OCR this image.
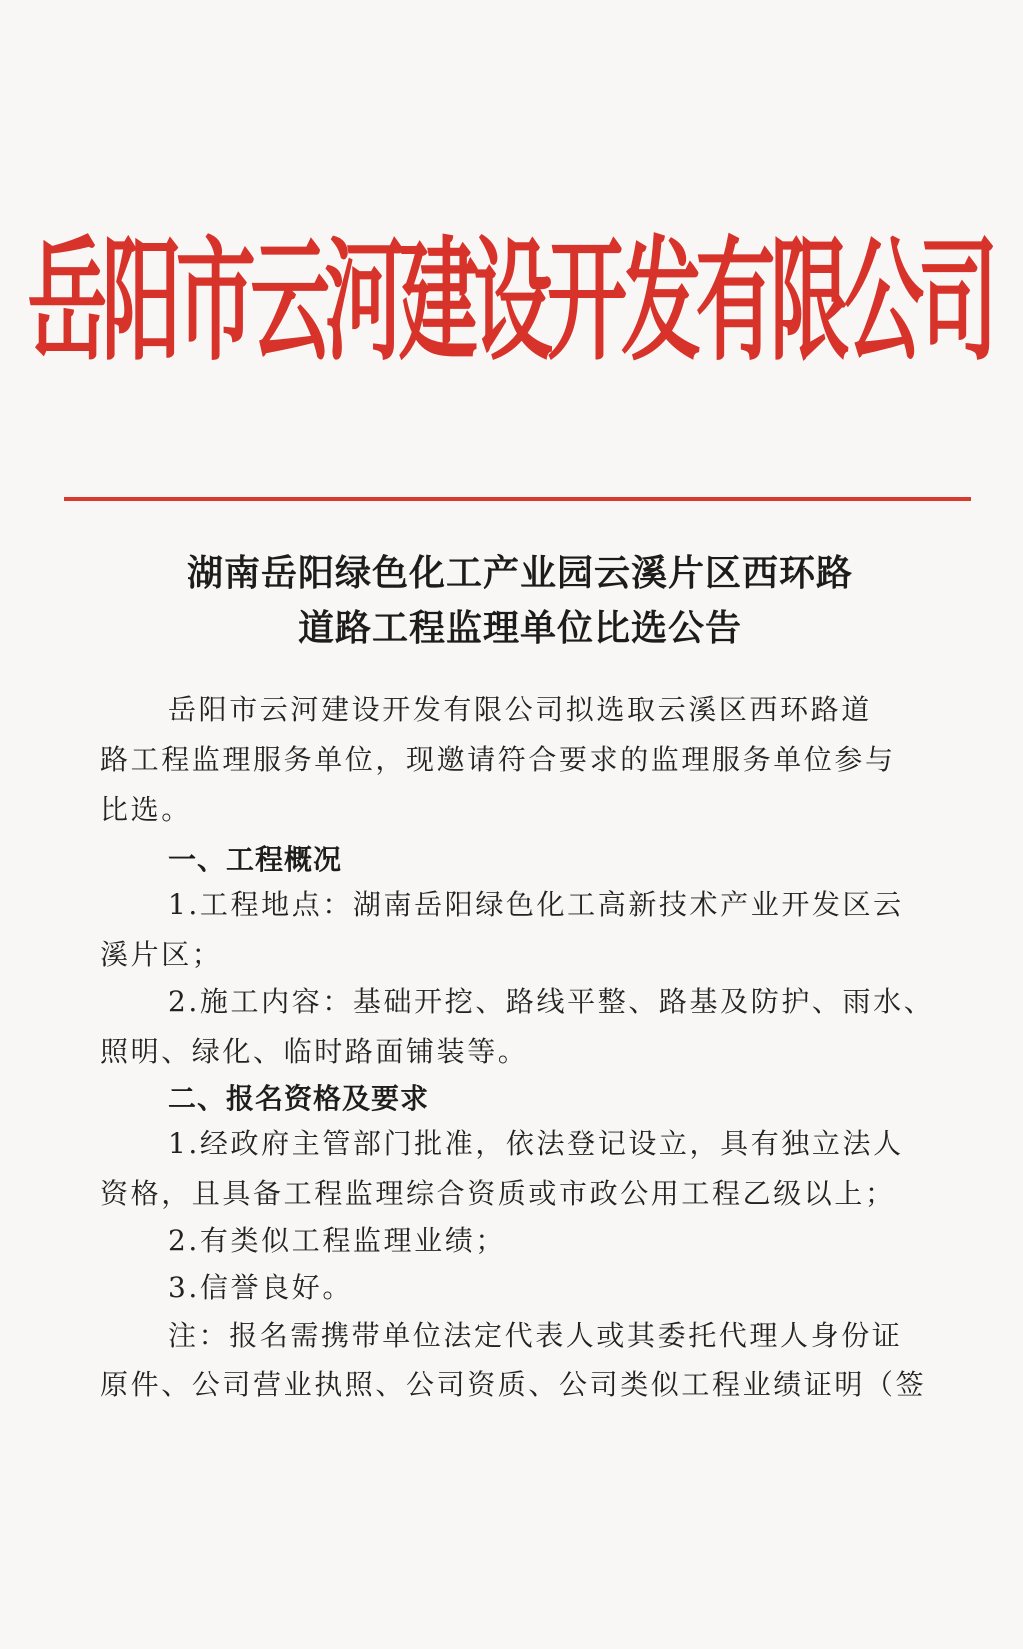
岳阳市云河建设开发有限公司
湖南岳阳绿色化工产业园云溪片区西环路
道路工程监理单位比选公告
岳阳市云河建设开发有限公司拟选取云溪区西环路道
路工程监理服务单位，现邀请符合要求的监理服务单位参与
比选。
一、工程概况
1.工程地点：湖南岳阳绿色化工高新技术产业开发区云
溪片区；
2.施工内容：基础开挖、路线平整、路基及防护、雨水、
照明、绿化、临时路面铺装等。
二、报名资格及要求
1.经政府主管部门批准，依法登记设立，具有独立法人
资格，且具备工程监理综合资质或市政公用工程乙级以上；
2.有类似工程监理业绩；
3.信誉良好。
注：报名需携带单位法定代表人或其委托代理人身份证
原件、公司营业执照、公司资质、公司类似工程业绩证明（签
